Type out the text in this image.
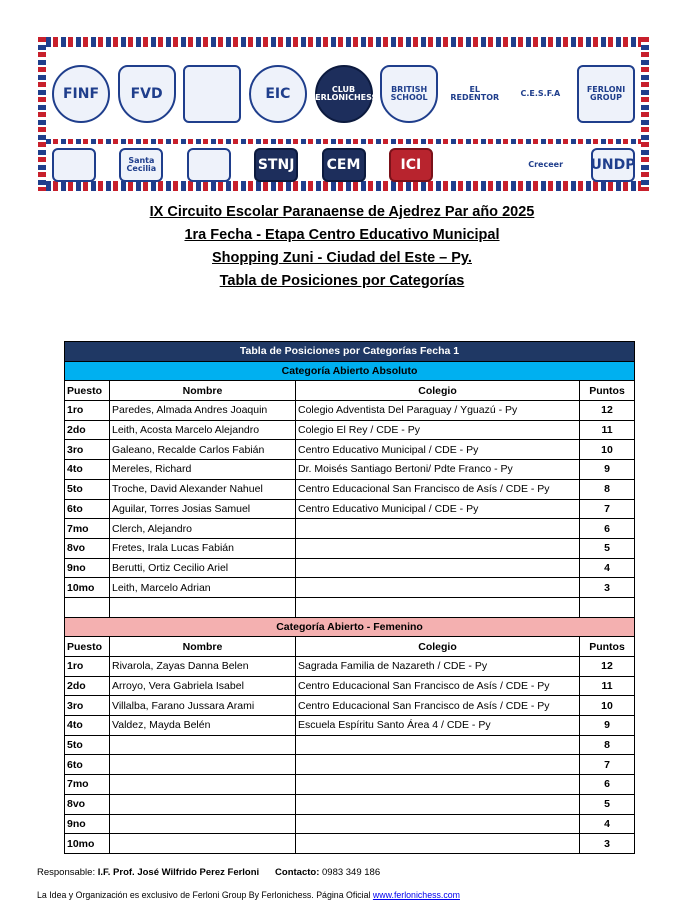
FINF FVD	EIC	CLUB FERLONICHESS
BRITISH SCHOOL
EL REDENTOR	C.E.S.F.A	FERLONI GROUP
Santa Cecilia	STNJ CEM	ICI	Creceer UNDP
IX Circuito Escolar Paranaense de Ajedrez Par año 2025
1ra Fecha - Etapa Centro Educativo Municipal
Shopping Zuni - Ciudad del Este – Py.
Tabla de Posiciones por Categorías
Tabla de Posiciones por Categorías Fecha 1			
Categoría Abierto Absoluto			
Puesto	Nombre	Colegio	Puntos
1ro	Paredes, Almada Andres Joaquin	Colegio Adventista Del Paraguay / Yguazú - Py	12
2do	Leith, Acosta Marcelo Alejandro	Colegio El Rey / CDE - Py	11
3ro	Galeano, Recalde Carlos Fabián	Centro Educativo Municipal / CDE - Py	10
4to	Mereles, Richard	Dr. Moisés Santiago Bertoni/ Pdte Franco - Py	9
5to	Troche, David Alexander Nahuel	Centro Educacional San Francisco de Asís / CDE - Py	8
6to	Aguilar, Torres Josias Samuel	Centro Educativo Municipal / CDE - Py	7
7mo	Clerch, Alejandro		6
8vo	Fretes, Irala Lucas Fabián		5
9no	Berutti, Ortiz Cecilio Ariel		4
10mo	Leith, Marcelo Adrian		3

Categoría Abierto - Femenino			
Puesto	Nombre	Colegio	Puntos
1ro	Rivarola, Zayas Danna Belen	Sagrada Familia de Nazareth / CDE - Py	12
2do	Arroyo, Vera Gabriela Isabel	Centro Educacional San Francisco de Asís / CDE - Py	11
3ro	Villalba, Farano Jussara Arami	Centro Educacional San Francisco de Asís / CDE - Py	10
4to	Valdez, Mayda Belén	Escuela Espíritu Santo Área 4 / CDE - Py	9
5to			8
6to			7
7mo			6
8vo			5
9no			4
10mo			3
Responsable: I.F. Prof. José Wilfrido Perez Ferloni Contacto: 0983 349 186
La Idea y Organización es exclusivo de Ferloni Group By Ferlonichess. Página Oficial www.ferlonichess.com
